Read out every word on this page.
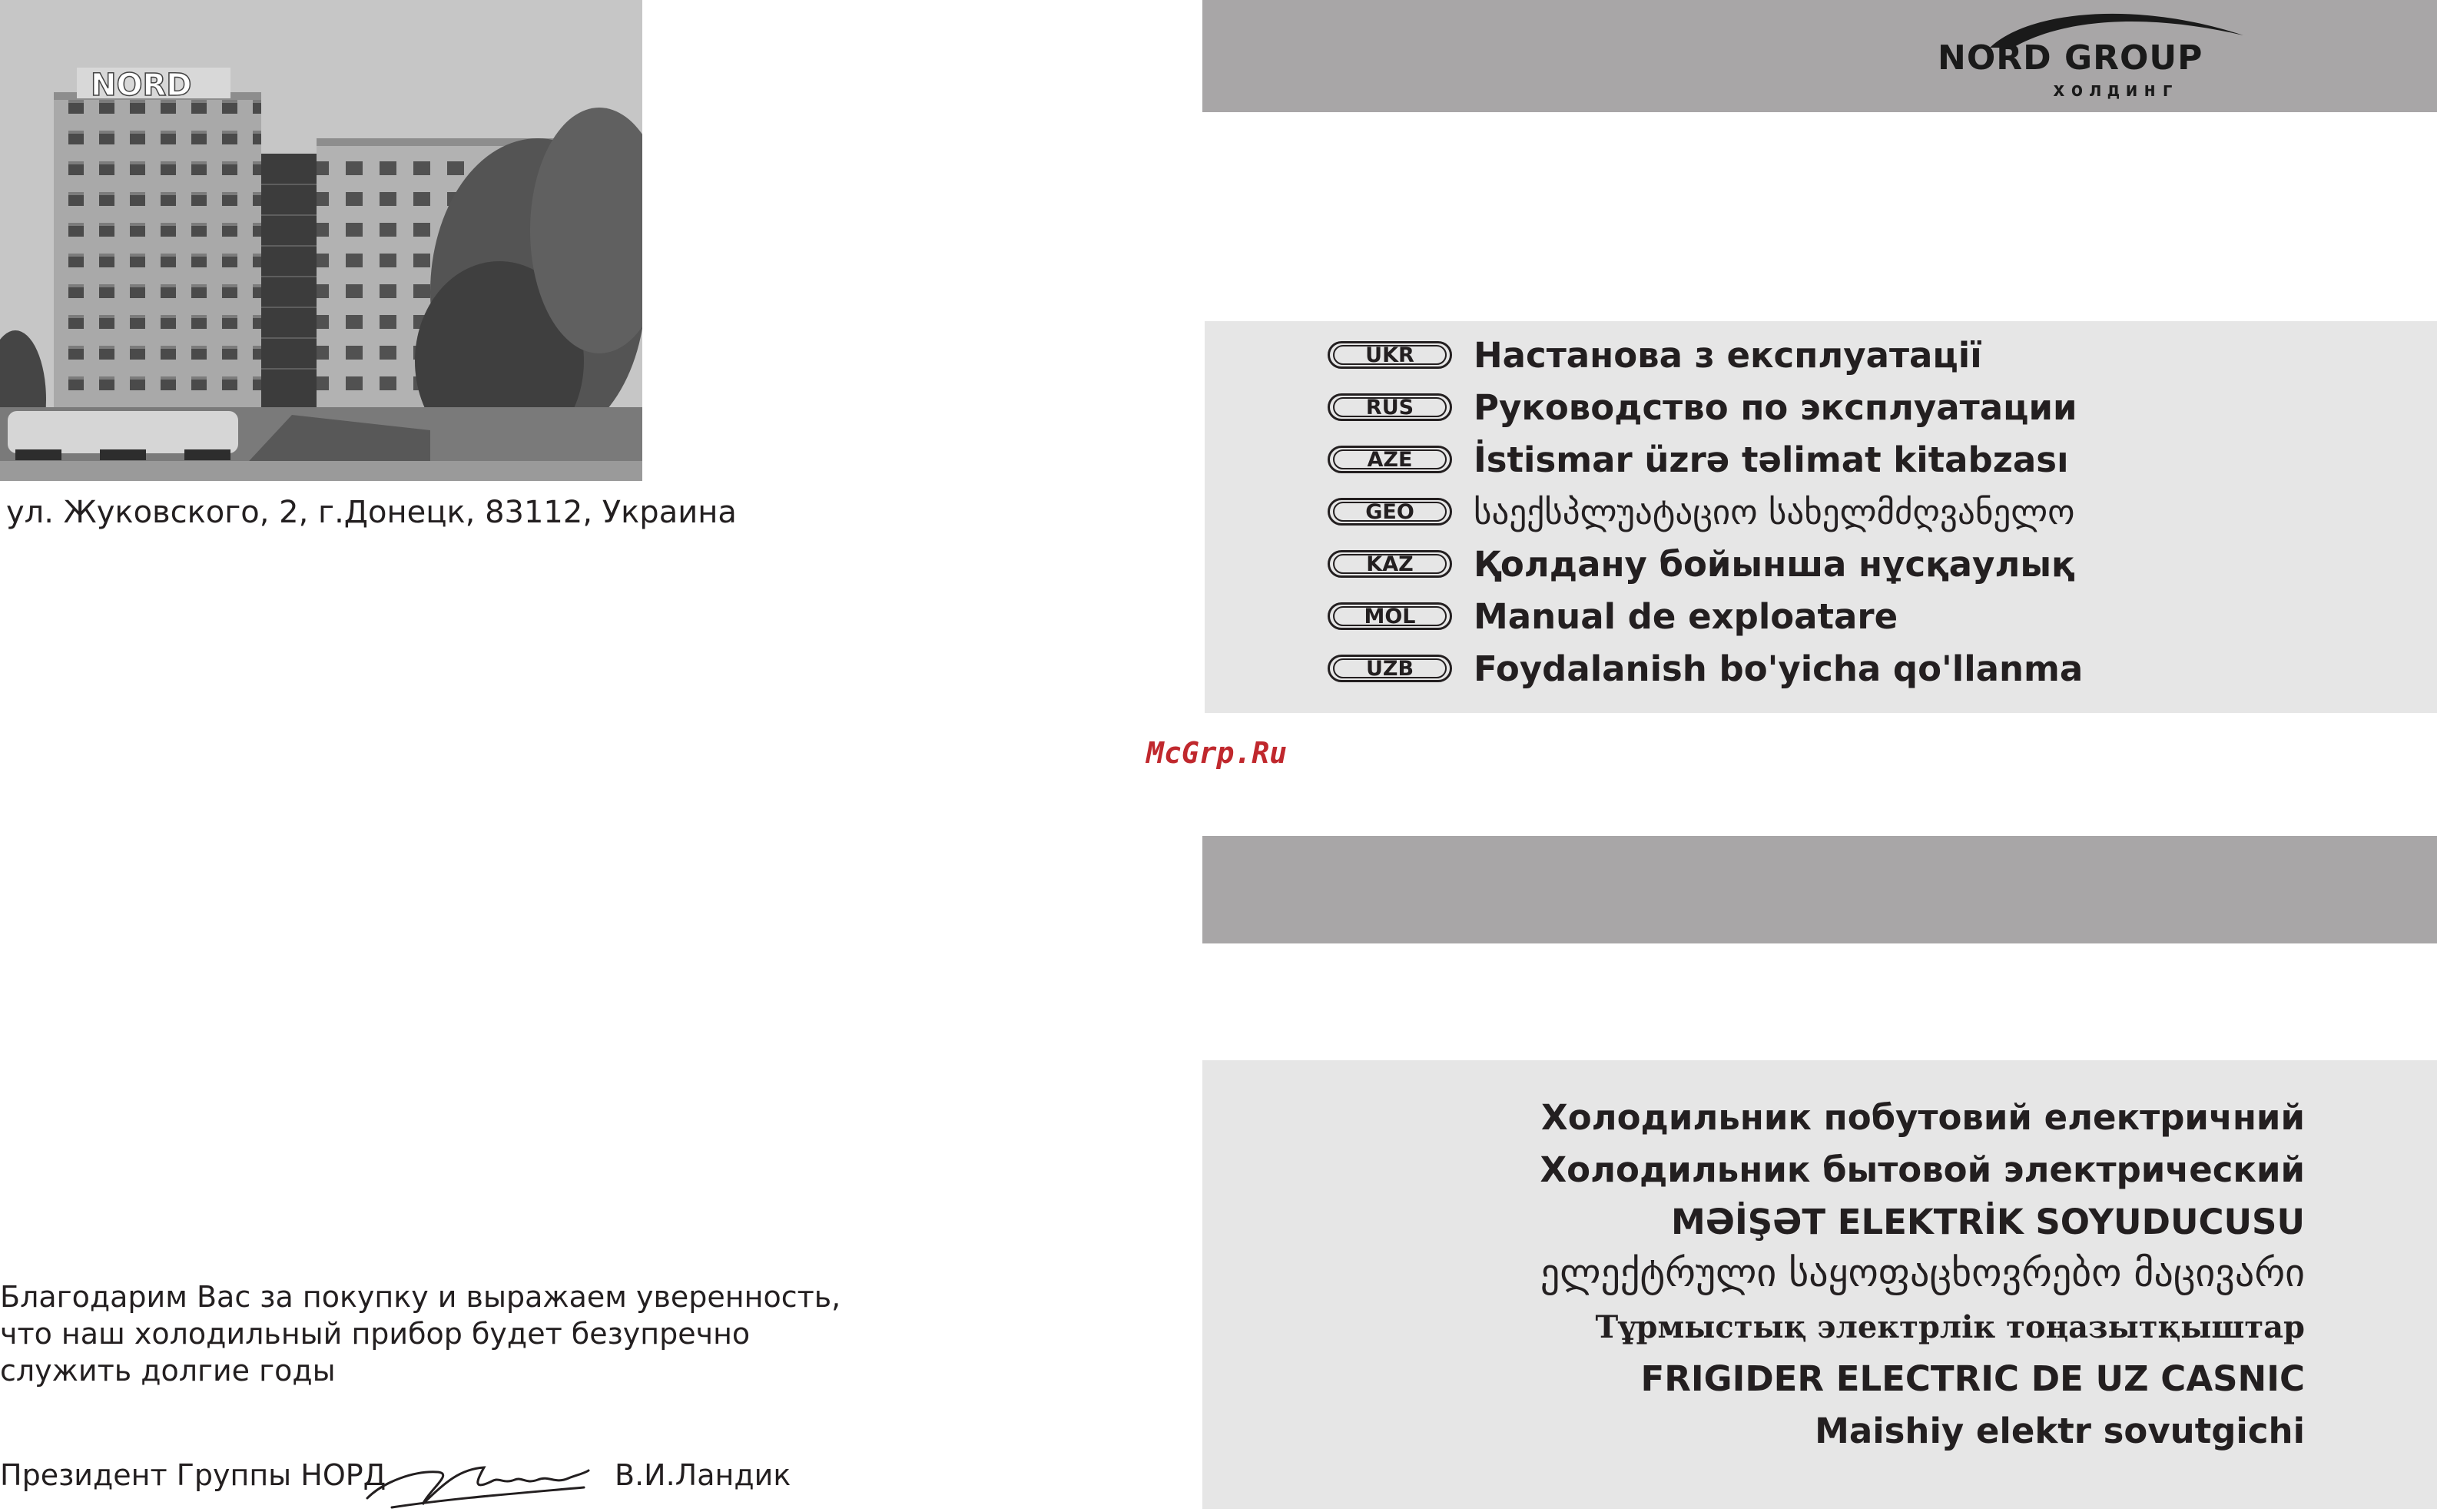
NORD
ул. Жуковского, 2, г.Донецк, 83112, Украина
Благодарим Вас за покупку и выражаем уверенность,
что наш холодильный прибор будет безупречно
служить долгие годы
Президент Группы НОРД	В.И.Ландик
McGrp.Ru
NORD GROUP
холдинг
UKR	Настанова з експлуатації
RUS	Руководство по эксплуатации
AZE	İstismar üzrə təlimat kitabzası
GEO	საექსპლუატაციო სახელმძღვანელო
KAZ	Қолдану бойынша нұсқаулық
MOL	Manual de exploatare
UZB	Foydalanish bo'yicha qo'llanma
Холодильник побутовий електричний
Холодильник бытовой электрический
MƏİŞƏT ELEKTRİK SOYUDUCUSU
ელექტრული საყოფაცხოვრებო მაცივარი
Тұрмыстық электрлік тоңазытқыштар
FRIGIDER ELECTRIC DE UZ CASNIC
Maishiy elektr sovutgichi
